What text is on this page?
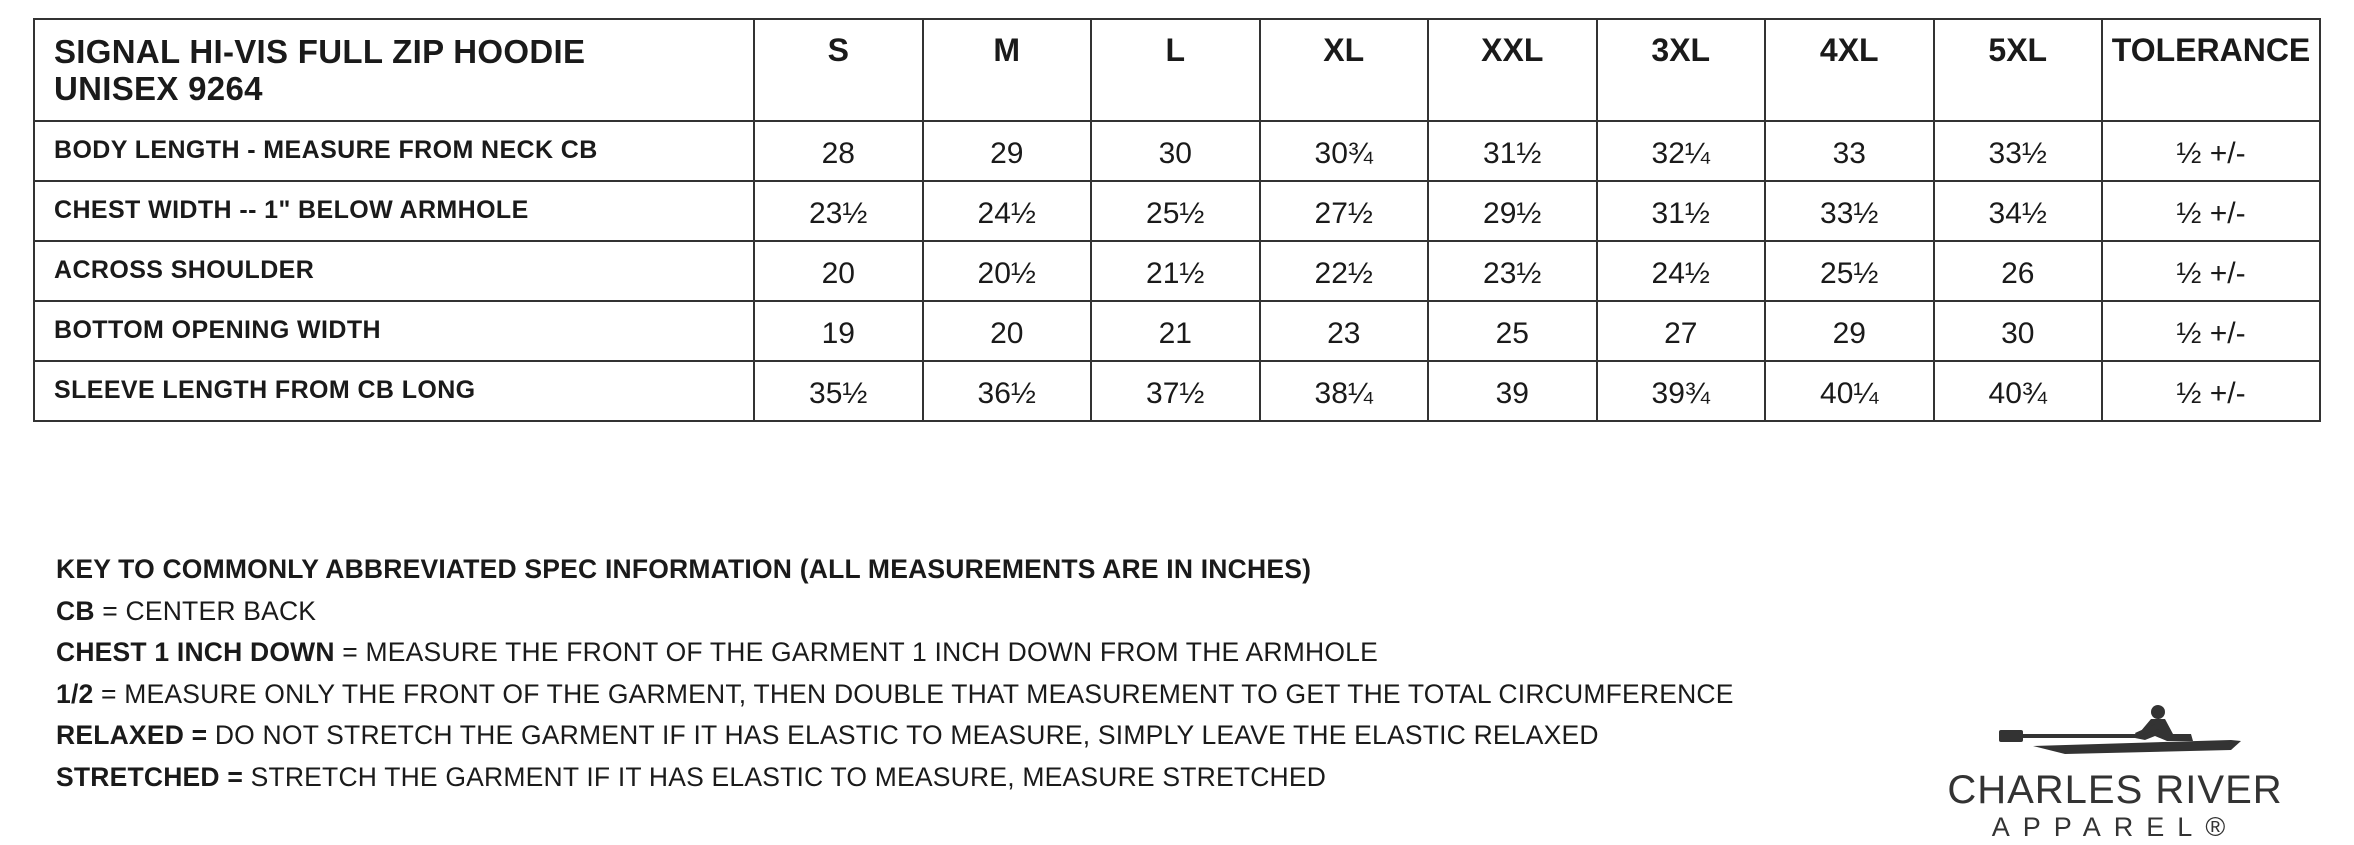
SIGNAL HI-VIS FULL ZIP HOODIE
UNISEX 9264	S	M	L	XL	XXL	3XL	4XL	5XL	TOLERANCE
BODY LENGTH - MEASURE FROM NECK CB	28	29	30	30¾	31½	32¼	33	33½	½ +/-
CHEST WIDTH -- 1" BELOW ARMHOLE	23½	24½	25½	27½	29½	31½	33½	34½	½ +/-
ACROSS SHOULDER	20	20½	21½	22½	23½	24½	25½	26	½ +/-
BOTTOM OPENING WIDTH	19	20	21	23	25	27	29	30	½ +/-
SLEEVE LENGTH FROM CB LONG	35½	36½	37½	38¼	39	39¾	40¼	40¾	½ +/-
KEY TO COMMONLY ABBREVIATED SPEC INFORMATION (ALL MEASUREMENTS ARE IN INCHES)
CB = CENTER BACK
CHEST 1 INCH DOWN = MEASURE THE FRONT OF THE GARMENT 1 INCH DOWN FROM THE ARMHOLE
1/2 = MEASURE ONLY THE FRONT OF THE GARMENT, THEN DOUBLE THAT MEASUREMENT TO GET THE TOTAL CIRCUMFERENCE
RELAXED = DO NOT STRETCH THE GARMENT IF IT HAS ELASTIC TO MEASURE, SIMPLY LEAVE THE ELASTIC RELAXED
STRETCHED = STRETCH THE GARMENT IF IT HAS ELASTIC TO MEASURE, MEASURE STRETCHED	CHARLES RIVER
APPAREL®
